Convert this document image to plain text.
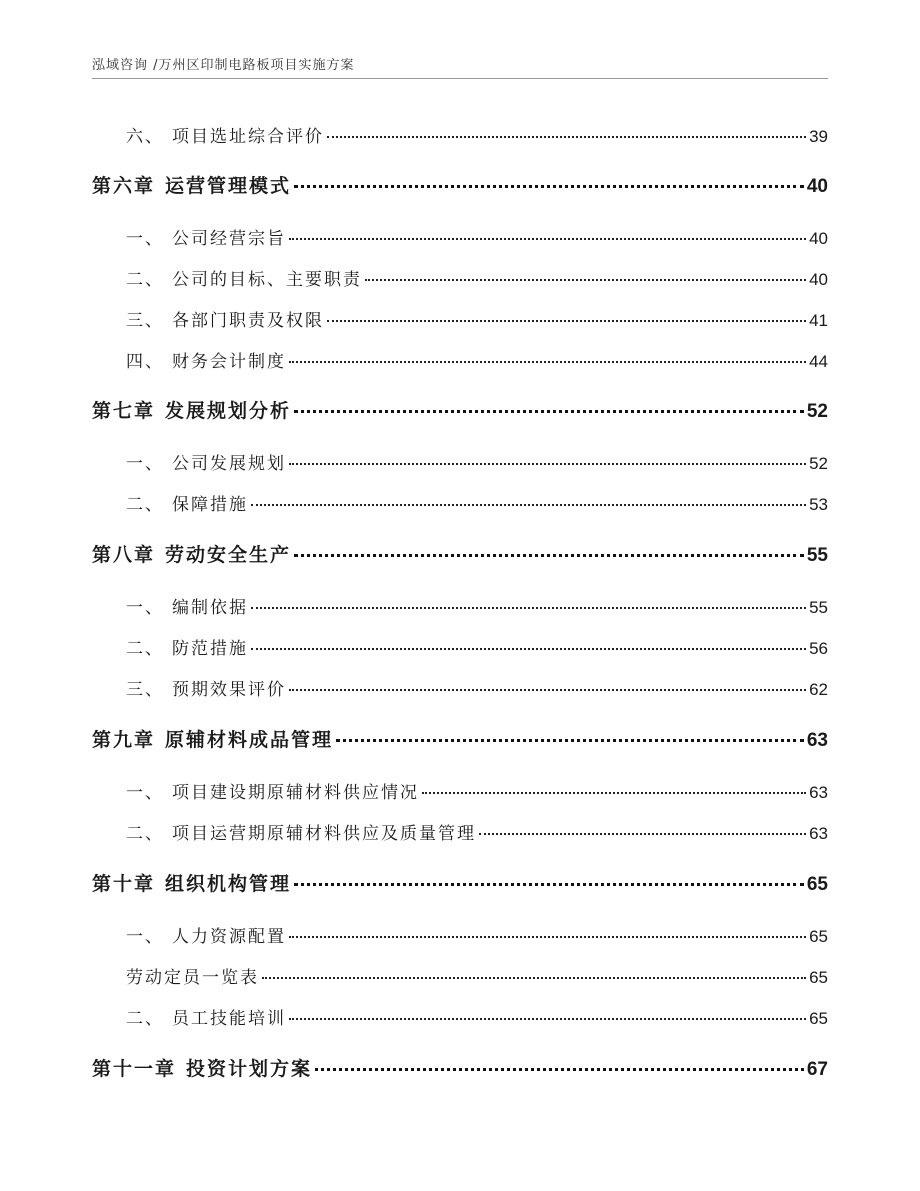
泓域咨询 /万州区印制电路板项目实施方案
六、 项目选址综合评价	39
第六章 运营管理模式	40
一、 公司经营宗旨	40
二、 公司的目标、主要职责	40
三、 各部门职责及权限	41
四、 财务会计制度	44
第七章 发展规划分析	52
一、 公司发展规划	52
二、 保障措施	53
第八章 劳动安全生产	55
一、 编制依据	55
二、 防范措施	56
三、 预期效果评价	62
第九章 原辅材料成品管理	63
一、 项目建设期原辅材料供应情况	63
二、 项目运营期原辅材料供应及质量管理	63
第十章 组织机构管理	65
一、 人力资源配置	65
劳动定员一览表	65
二、 员工技能培训	65
第十一章 投资计划方案	67
